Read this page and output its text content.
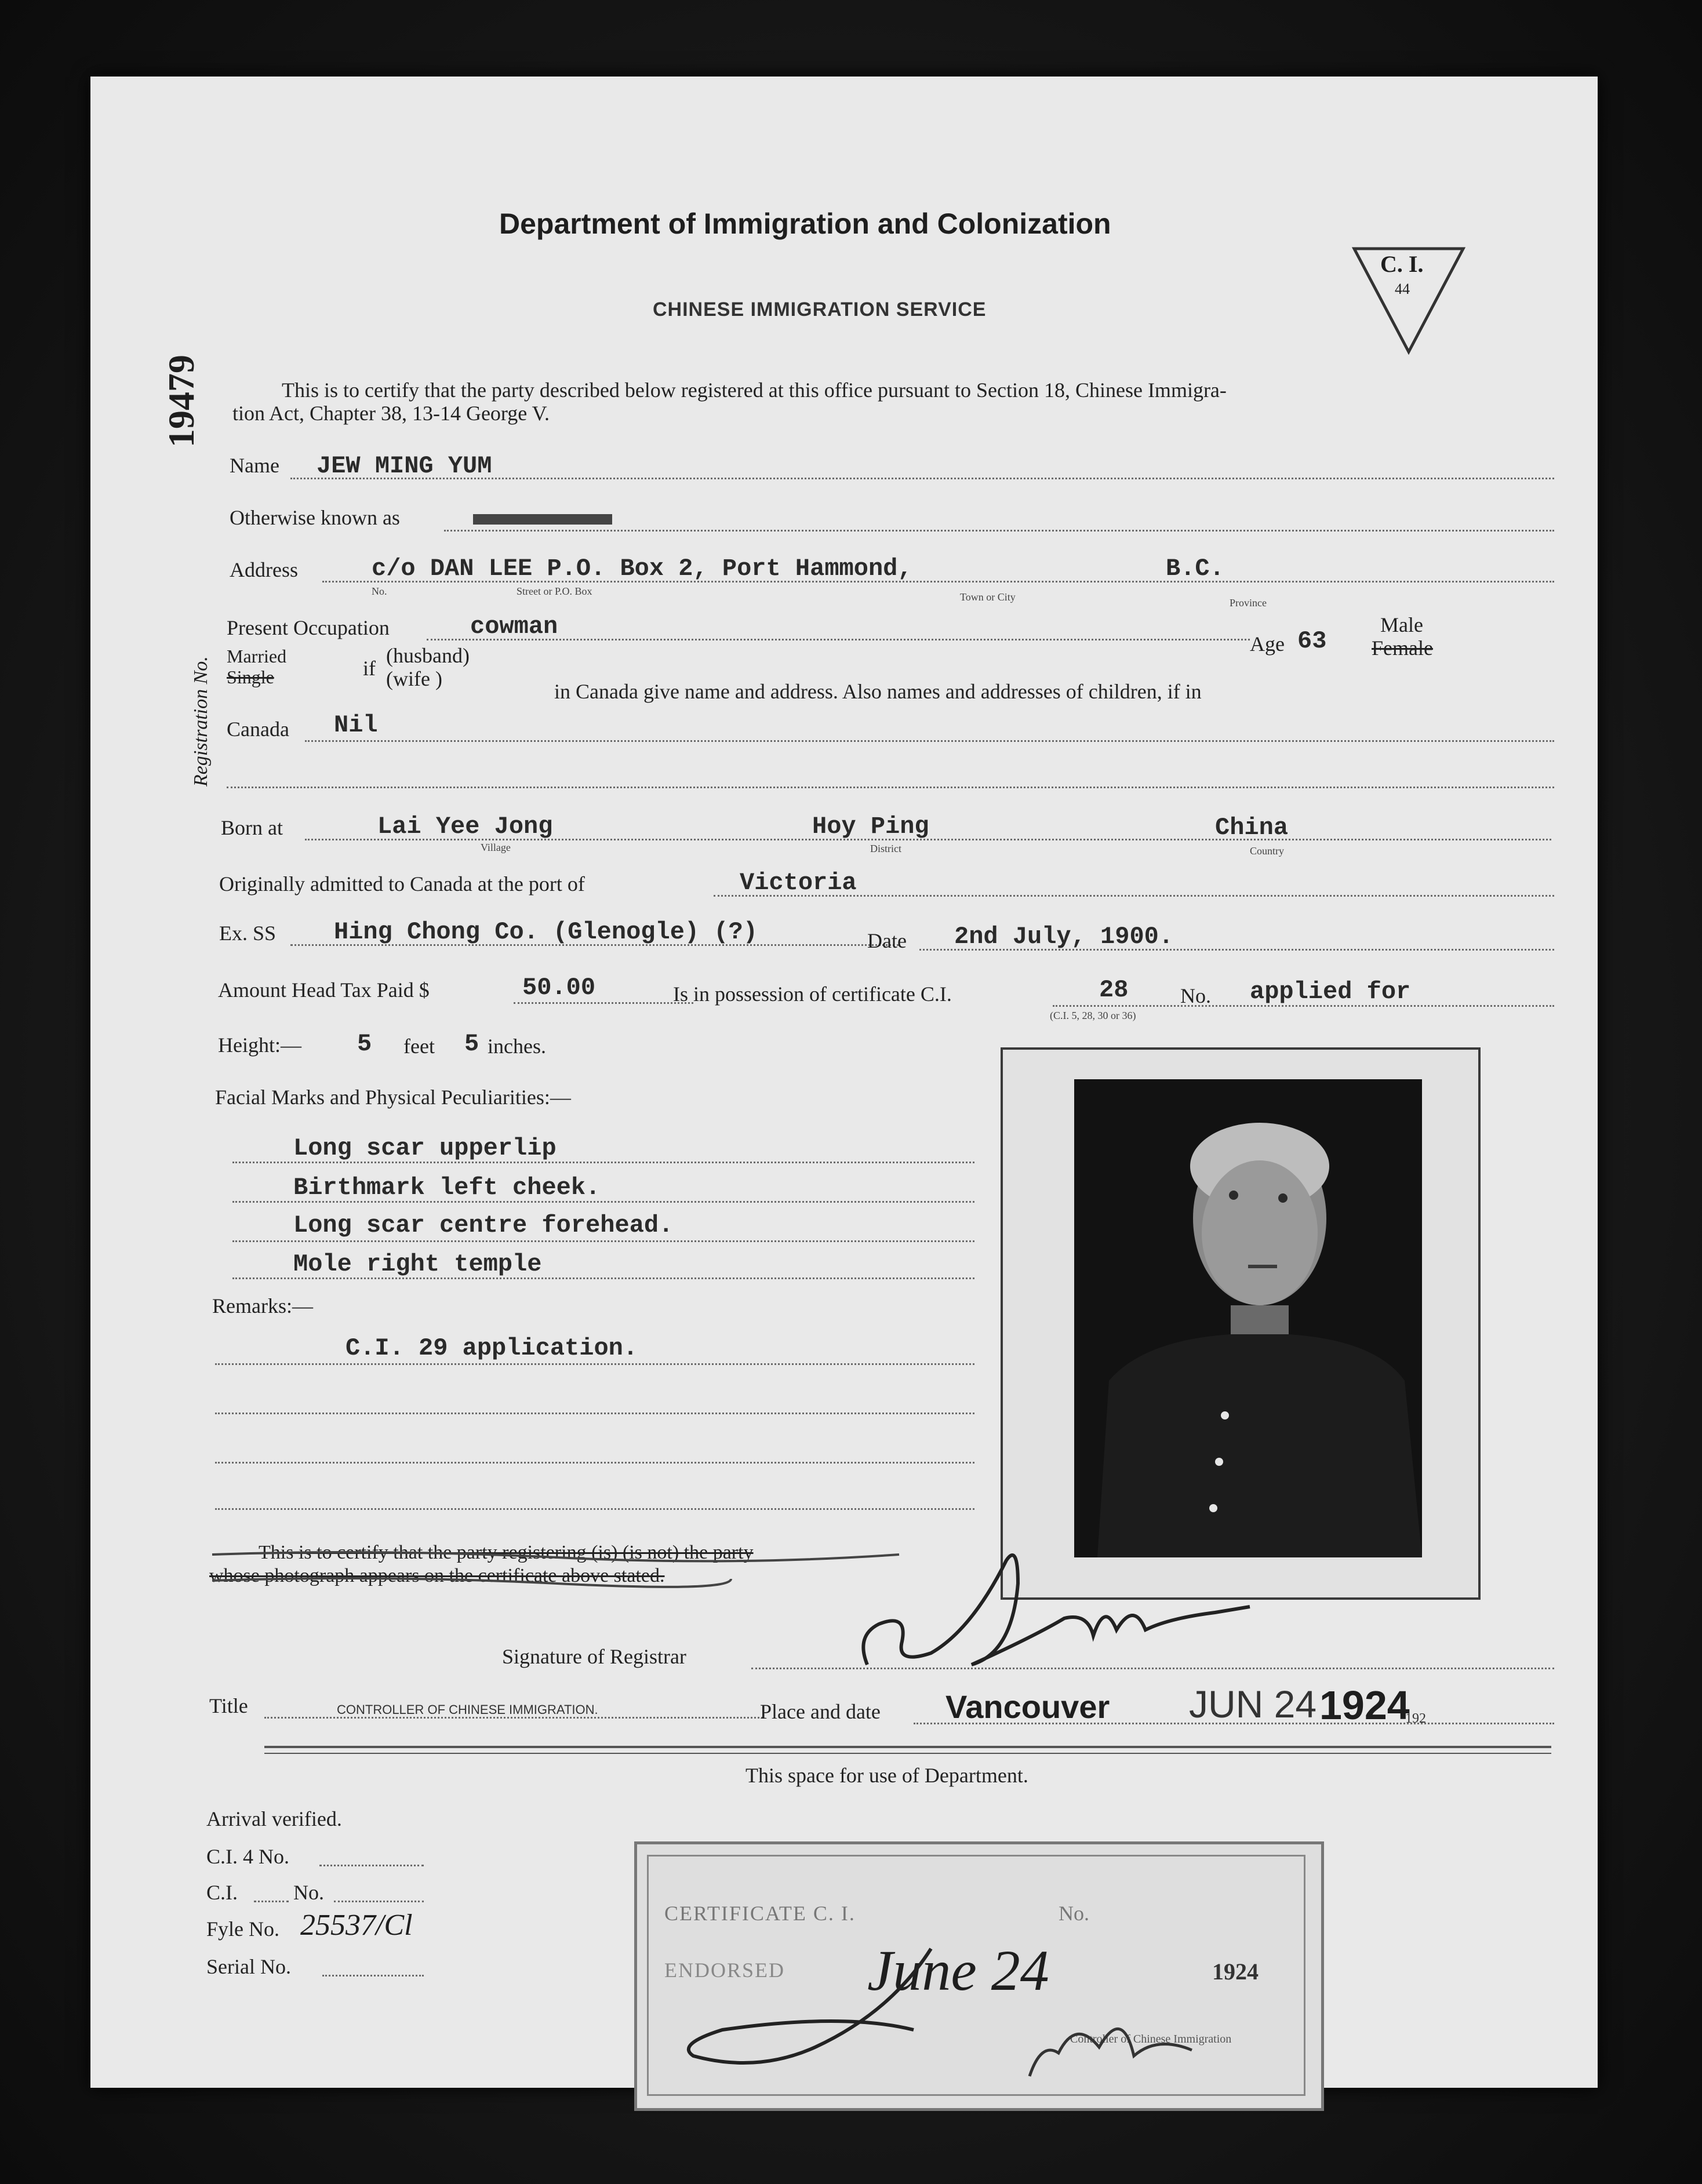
Department of Immigration and Colonization
CHINESE IMMIGRATION SERVICE
C. I.
44
19479
Registration No.
This is to certify that the party described below registered at this office pursuant to Section 18, Chinese Immigra-
tion Act, Chapter 38, 13-14 George V.
Name JEW MING YUM
Otherwise known as
Address	c/o DAN LEE P.O. Box 2, Port Hammond,	B.C.
No.	Street or P.O. Box	Town or City	Province
Present Occupation	cowman
Age 63
Male
Female
Married
Single	if
(husband)
(wife )
in Canada give name and address. Also names and addresses of children, if in
Canada Nil
Born at	Lai Yee Jong	Hoy Ping	China
Village	District	Country
Originally admitted to Canada at the port of	Victoria
Ex. SS Hing Chong Co. (Glenogle) (?)	Date 2nd July, 1900.
Amount Head Tax Paid $	50.00	Is in possession of certificate C.I.	28 No. applied for
(C.I. 5, 28, 30 or 36)
Height:— 5 feet 5 inches.
Facial Marks and Physical Peculiarities:—
Long scar upperlip
Birthmark left cheek.
Long scar centre forehead.
Mole right temple
Remarks:—
C.I. 29 application.
This is to certify that the party registering (is) (is not) the party
whose photograph appears on the certificate above stated.
Signature of Registrar
Title	CONTROLLER OF CHINESE IMMIGRATION.	Place and date Vancouver JUN 24 1924
192
This space for use of Department.
Arrival verified.
C.I. 4 No.
C.I.	No.
Fyle No. 25537/Cl
Serial No.
CERTIFICATE C. I.	No.
ENDORSED June 24	1924
Controller of Chinese Immigration
